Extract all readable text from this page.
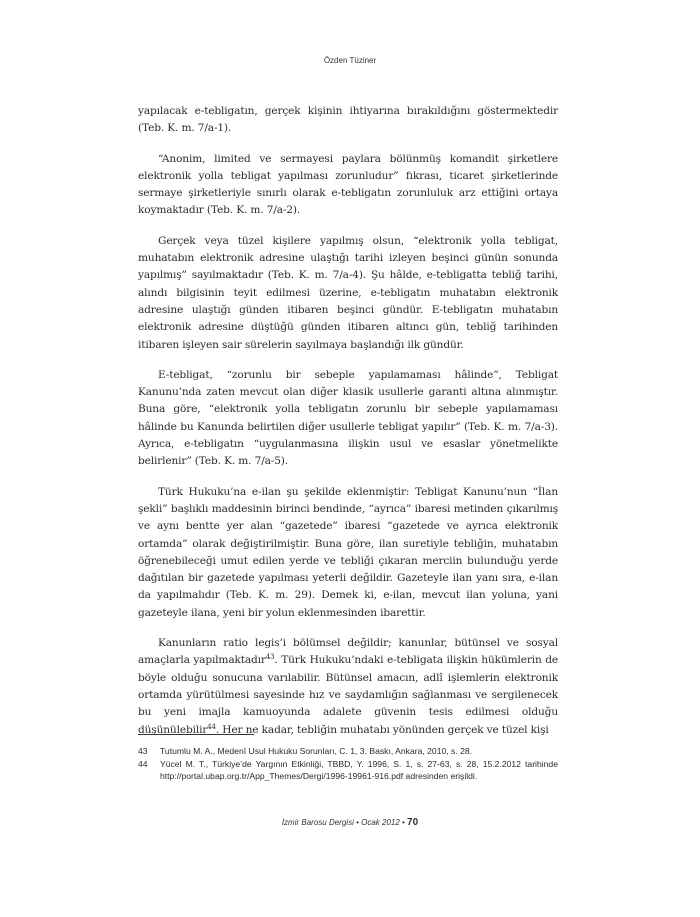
Özden Tüziner

yapılacak e-tebligatın, gerçek kişinin ihtiyarına bırakıldığını göstermektedir (Teb. K. m. 7/a-1).

“Anonim, limited ve sermayesi paylara bölünmüş komandit şirketlere elektronik yolla tebligat yapılması zorunludur” fıkrası, ticaret şirketlerinde sermaye şirketleriyle sınırlı olarak e-tebligatın zorunluluk arz ettiğini ortaya koymaktadır (Teb. K. m. 7/a-2).

Gerçek veya tüzel kişilere yapılmış olsun, “elektronik yolla tebligat, muhatabın elektronik adresine ulaştığı tarihi izleyen beşinci günün sonunda yapılmış” sayılmaktadır (Teb. K. m. 7/a-4). Şu hâlde, e-tebligatta tebliğ tarihi, alındı bilgisinin teyit edilmesi üzerine, e-tebligatın muhatabın elektronik adresine ulaştığı günden itibaren beşinci gündür. E-tebligatın muhatabın elektronik adresine düştüğü günden itibaren altıncı gün, tebliğ tarihinden itibaren işleyen sair sürelerin sayılmaya başlandığı ilk gündür.

E-tebligat, “zorunlu bir sebeple yapılamaması hâlinde”, Tebligat Kanunu’nda zaten mevcut olan diğer klasik usullerle garanti altına alınmıştır. Buna göre, “elektronik yolla tebligatın zorunlu bir sebeple yapılamaması hâlinde bu Kanunda belirtilen diğer usullerle tebligat yapılır” (Teb. K. m. 7/a-3). Ayrıca, e-tebligatın “uygulanmasına ilişkin usul ve esaslar yönetmelikte belirlenir” (Teb. K. m. 7/a-5).

Türk Hukuku’na e-ilan şu şekilde eklenmiştir: Tebligat Kanunu’nun “İlan şekli” başlıklı maddesinin birinci bendinde, “ayrıca” ibaresi metinden çıkarılmış ve aynı bentte yer alan “gazetede” ibaresi “gazetede ve ayrıca elektronik ortamda” olarak değiştirilmiştir. Buna göre, ilan suretiyle tebliğin, muhatabın öğrenebileceği umut edilen yerde ve tebliği çıkaran merciin bulunduğu yerde dağıtılan bir gazetede yapılması yeterli değildir. Gazeteyle ilan yanı sıra, e-ilan da yapılmalıdır (Teb. K. m. 29). Demek ki, e-ilan, mevcut ilan yoluna, yani gazeteyle ilana, yeni bir yolun eklenmesinden ibarettir.

Kanunların ratio legis’i bölümsel değildir; kanunlar, bütünsel ve sosyal amaçlarla yapılmaktadır$^{43}$. Türk Hukuku’ndaki e-tebligata ilişkin hükümlerin de böyle olduğu sonucuna varılabilir. Bütünsel amacın, adlî işlemlerin elektronik ortamda yürütülmesi sayesinde hız ve saydamlığın sağlanması ve sergilenecek bu yeni imajla kamuoyunda adalete güvenin tesis edilmesi olduğu düşünülebilir$^{44}$. Her ne kadar, tebliğin muhatabı yönünden gerçek ve tüzel kişi

43	Tutumlu M. A., Medenî Usul Hukuku Sorunları, C. 1, 3. Baskı, Ankara, 2010, s. 28.
44	Yücel M. T., Türkiye’de Yargının Etkinliği, TBBD, Y. 1996, S. 1, s. 27-63, s. 28, 15.2.2012 tarihinde http://portal.ubap.org.tr/App_Themes/Dergi/1996-19961-916.pdf adresinden erişildi.
İzmir Barosu Dergisi • Ocak 2012 • 70
